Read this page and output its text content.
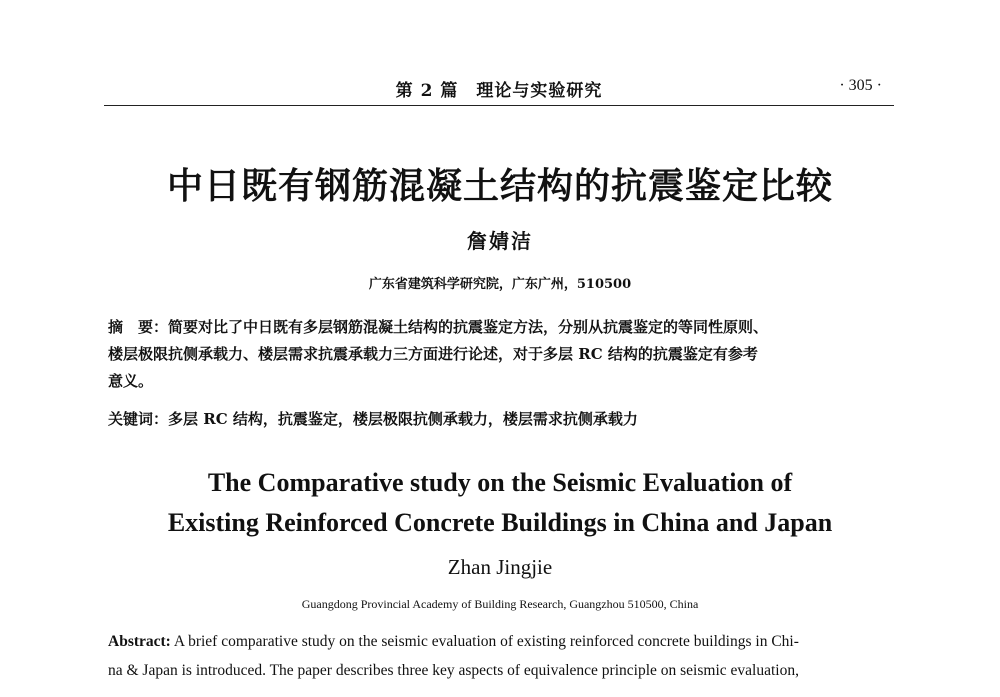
第 2 篇 理论与实验研究	· 305 ·
中日既有钢筋混凝土结构的抗震鉴定比较
詹婧洁
广东省建筑科学研究院，广东广州，510500
摘　要：简要对比了中日既有多层钢筋混凝土结构的抗震鉴定方法，分别从抗震鉴定的等同性原则、
楼层极限抗侧承载力、楼层需求抗震承载力三方面进行论述，对于多层 RC 结构的抗震鉴定有参考
意义。
关键词：多层 RC 结构，抗震鉴定，楼层极限抗侧承载力，楼层需求抗侧承载力
The Comparative study on the Seismic Evaluation of
Existing Reinforced Concrete Buildings in China and Japan
Zhan Jingjie
Guangdong Provincial Academy of Building Research, Guangzhou 510500, China
Abstract: A brief comparative study on the seismic evaluation of existing reinforced concrete buildings in Chi-
na & Japan is introduced. The paper describes three key aspects of equivalence principle on seismic evaluation,
